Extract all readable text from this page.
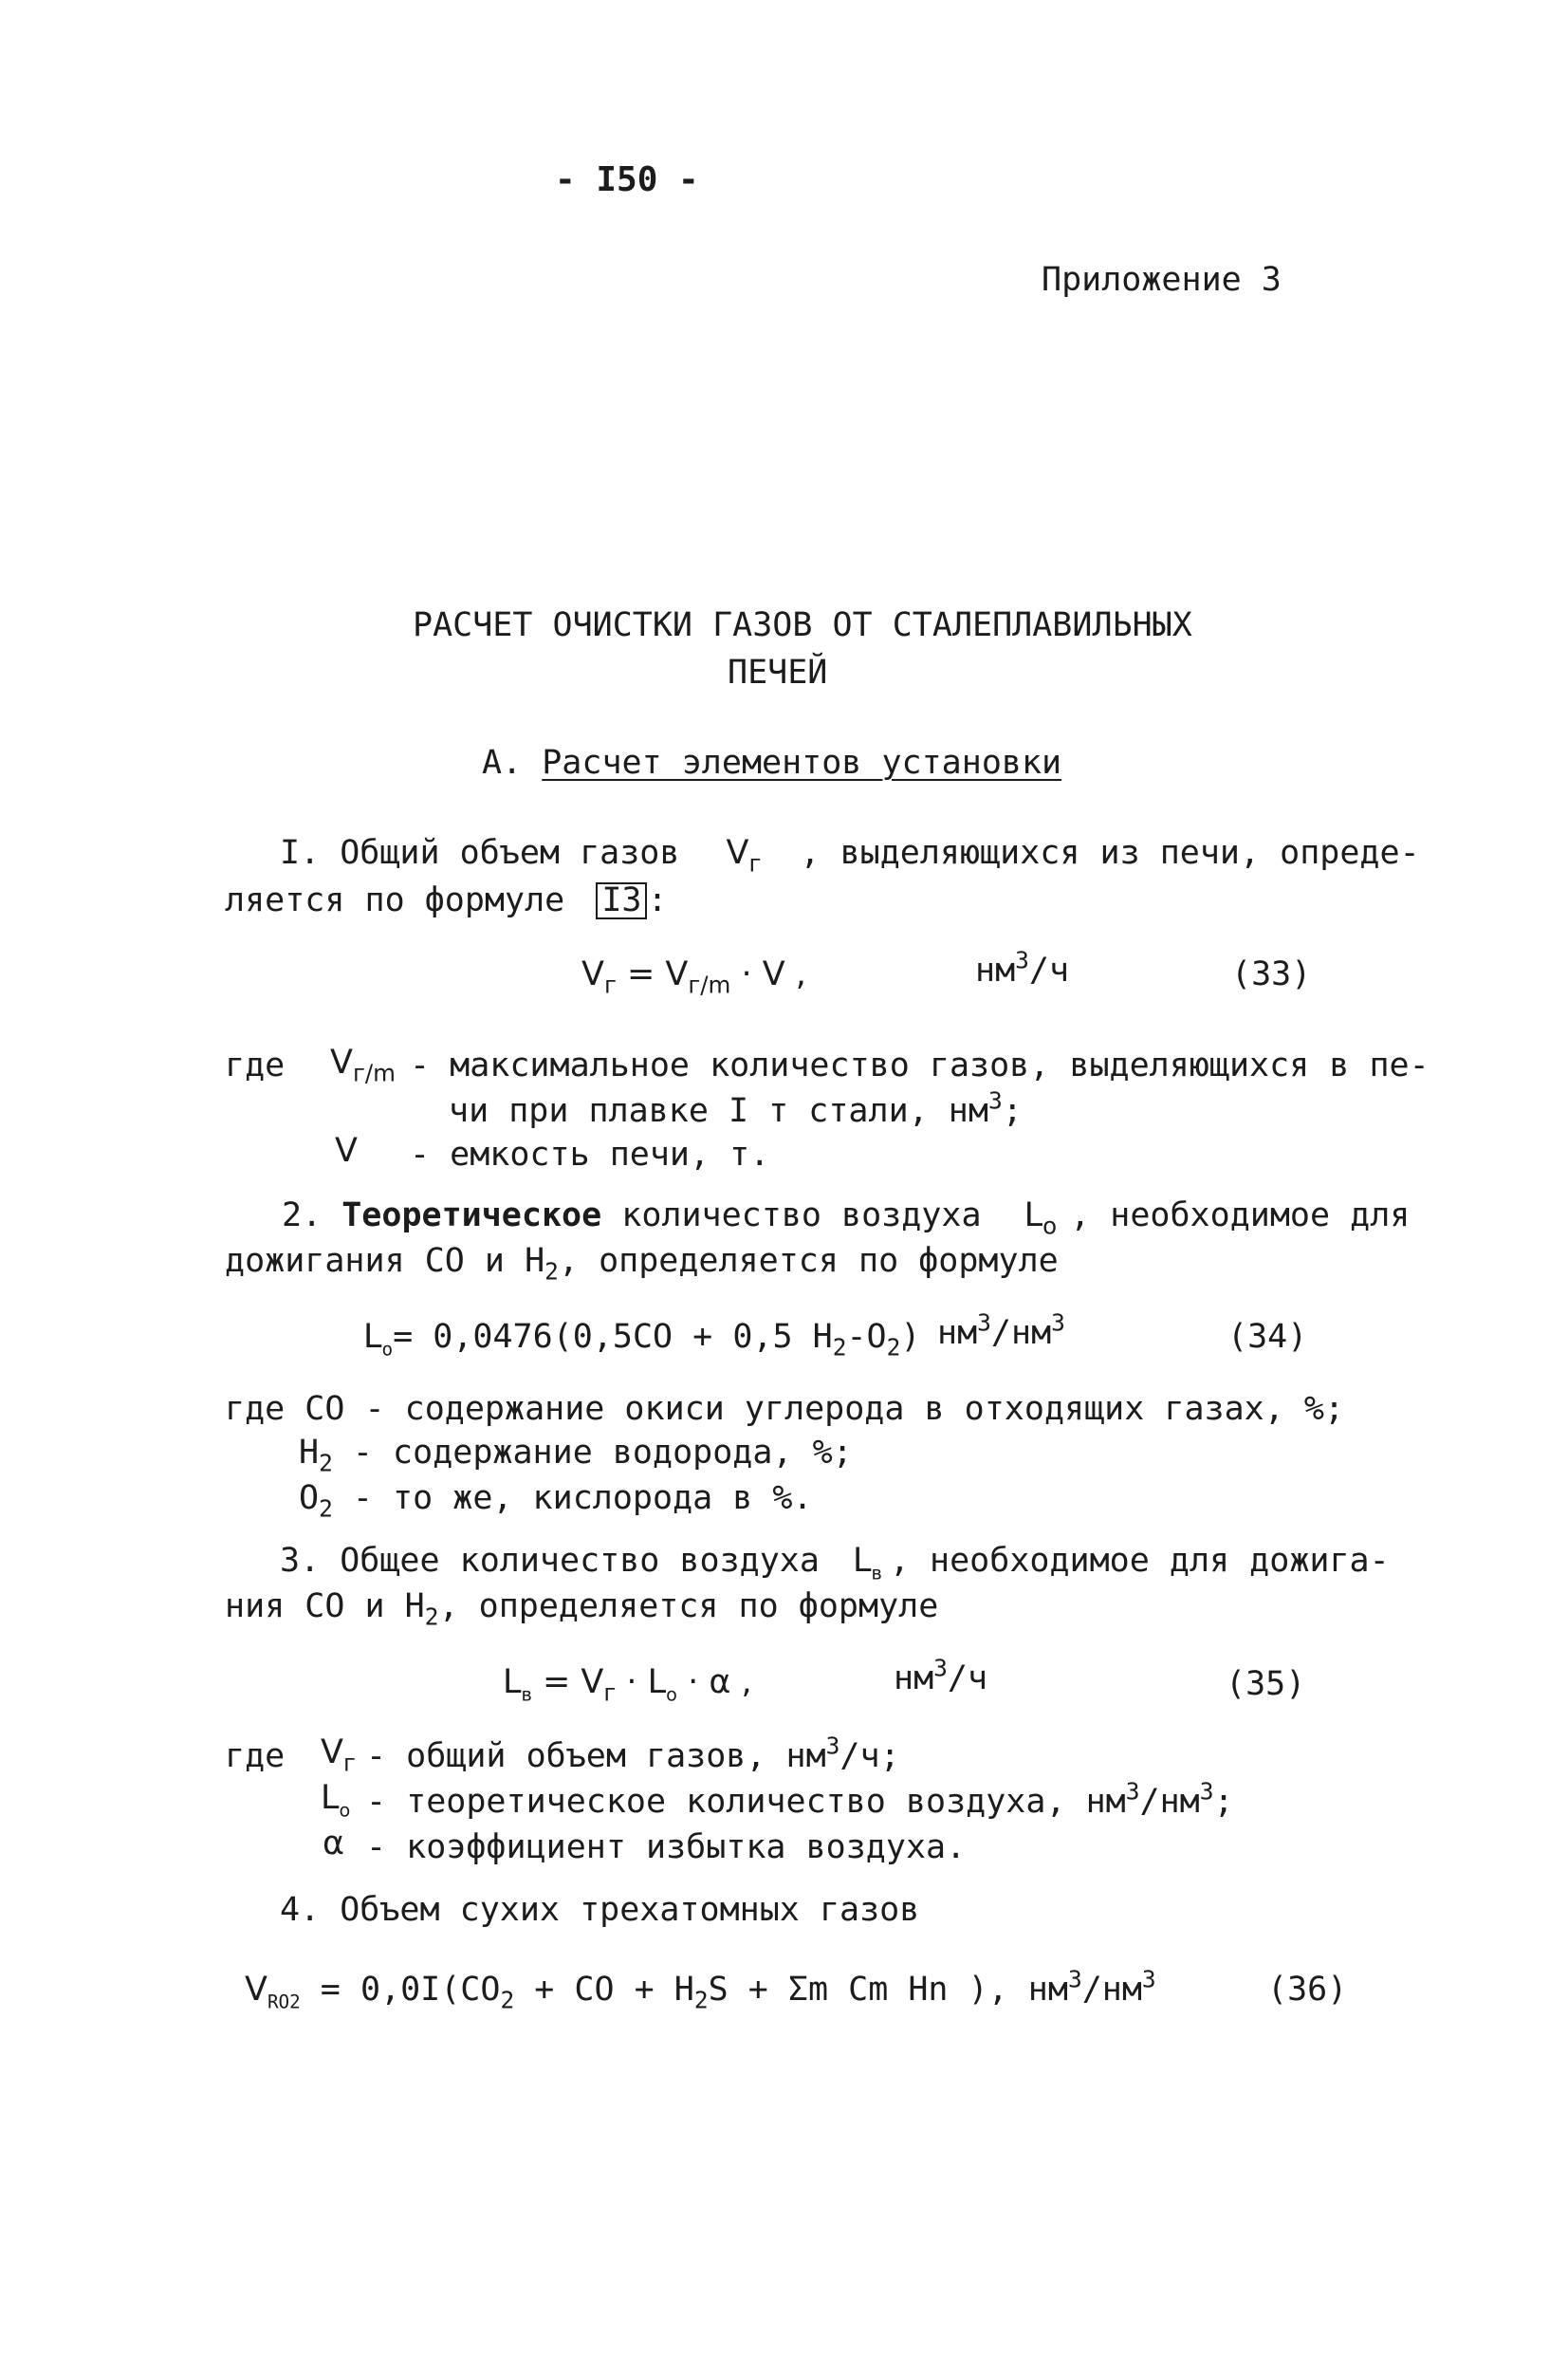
- I50 -
Приложение 3
РАСЧЕТ ОЧИСТКИ ГАЗОВ ОТ СТАЛЕПЛАВИЛЬНЫХ
ПЕЧЕЙ
А. Расчет элементов установки
I. Общий объем газов $V_г$ , выделяющихся из печи, опреде-
ляется по формуле I3 :
$V_г = V_{г/m} \cdot V$ ,	$нм^3/ч$	(33)
где $V_{г/m}$ - максимальное количество газов, выделяющихся в пе-
чи при плавке I т стали, $нм^3$;
V - емкость печи, т.
2. Теоретическое количество воздуха $L_o$ , необходимое для
дожигания СО и $Н_2$, определяется по формуле
$L_o= 0,0476(0,5CO + 0,5$ $H_2-O_2$) $нм^3/нм^3$	(34)
где СО - содержание окиси углерода в отходящих газах, %;
$Н_2$ - содержание водорода, %;
$О_2$ - то же, кислорода в %.
3. Общее количество воздуха $L_в$ , необходимое для дожига-
ния СО и $Н_2$, определяется по формуле
$L_в = V_г \cdot L_o \cdot \alpha$ ,	$нм^3/ч$	(35)
где $V_г$ - общий объем газов, $нм^3/ч$;
$L_o$ - теоретическое количество воздуха, $нм^3/нм^3$;
α - коэффициент избытка воздуха.
4. Объем сухих трехатомных газов
$V_{RO2} = 0,0I(CO_2$ + CO + $H_2S + \Sigma m$ Cm Hn ), $нм^3/нм^3$	(36)
